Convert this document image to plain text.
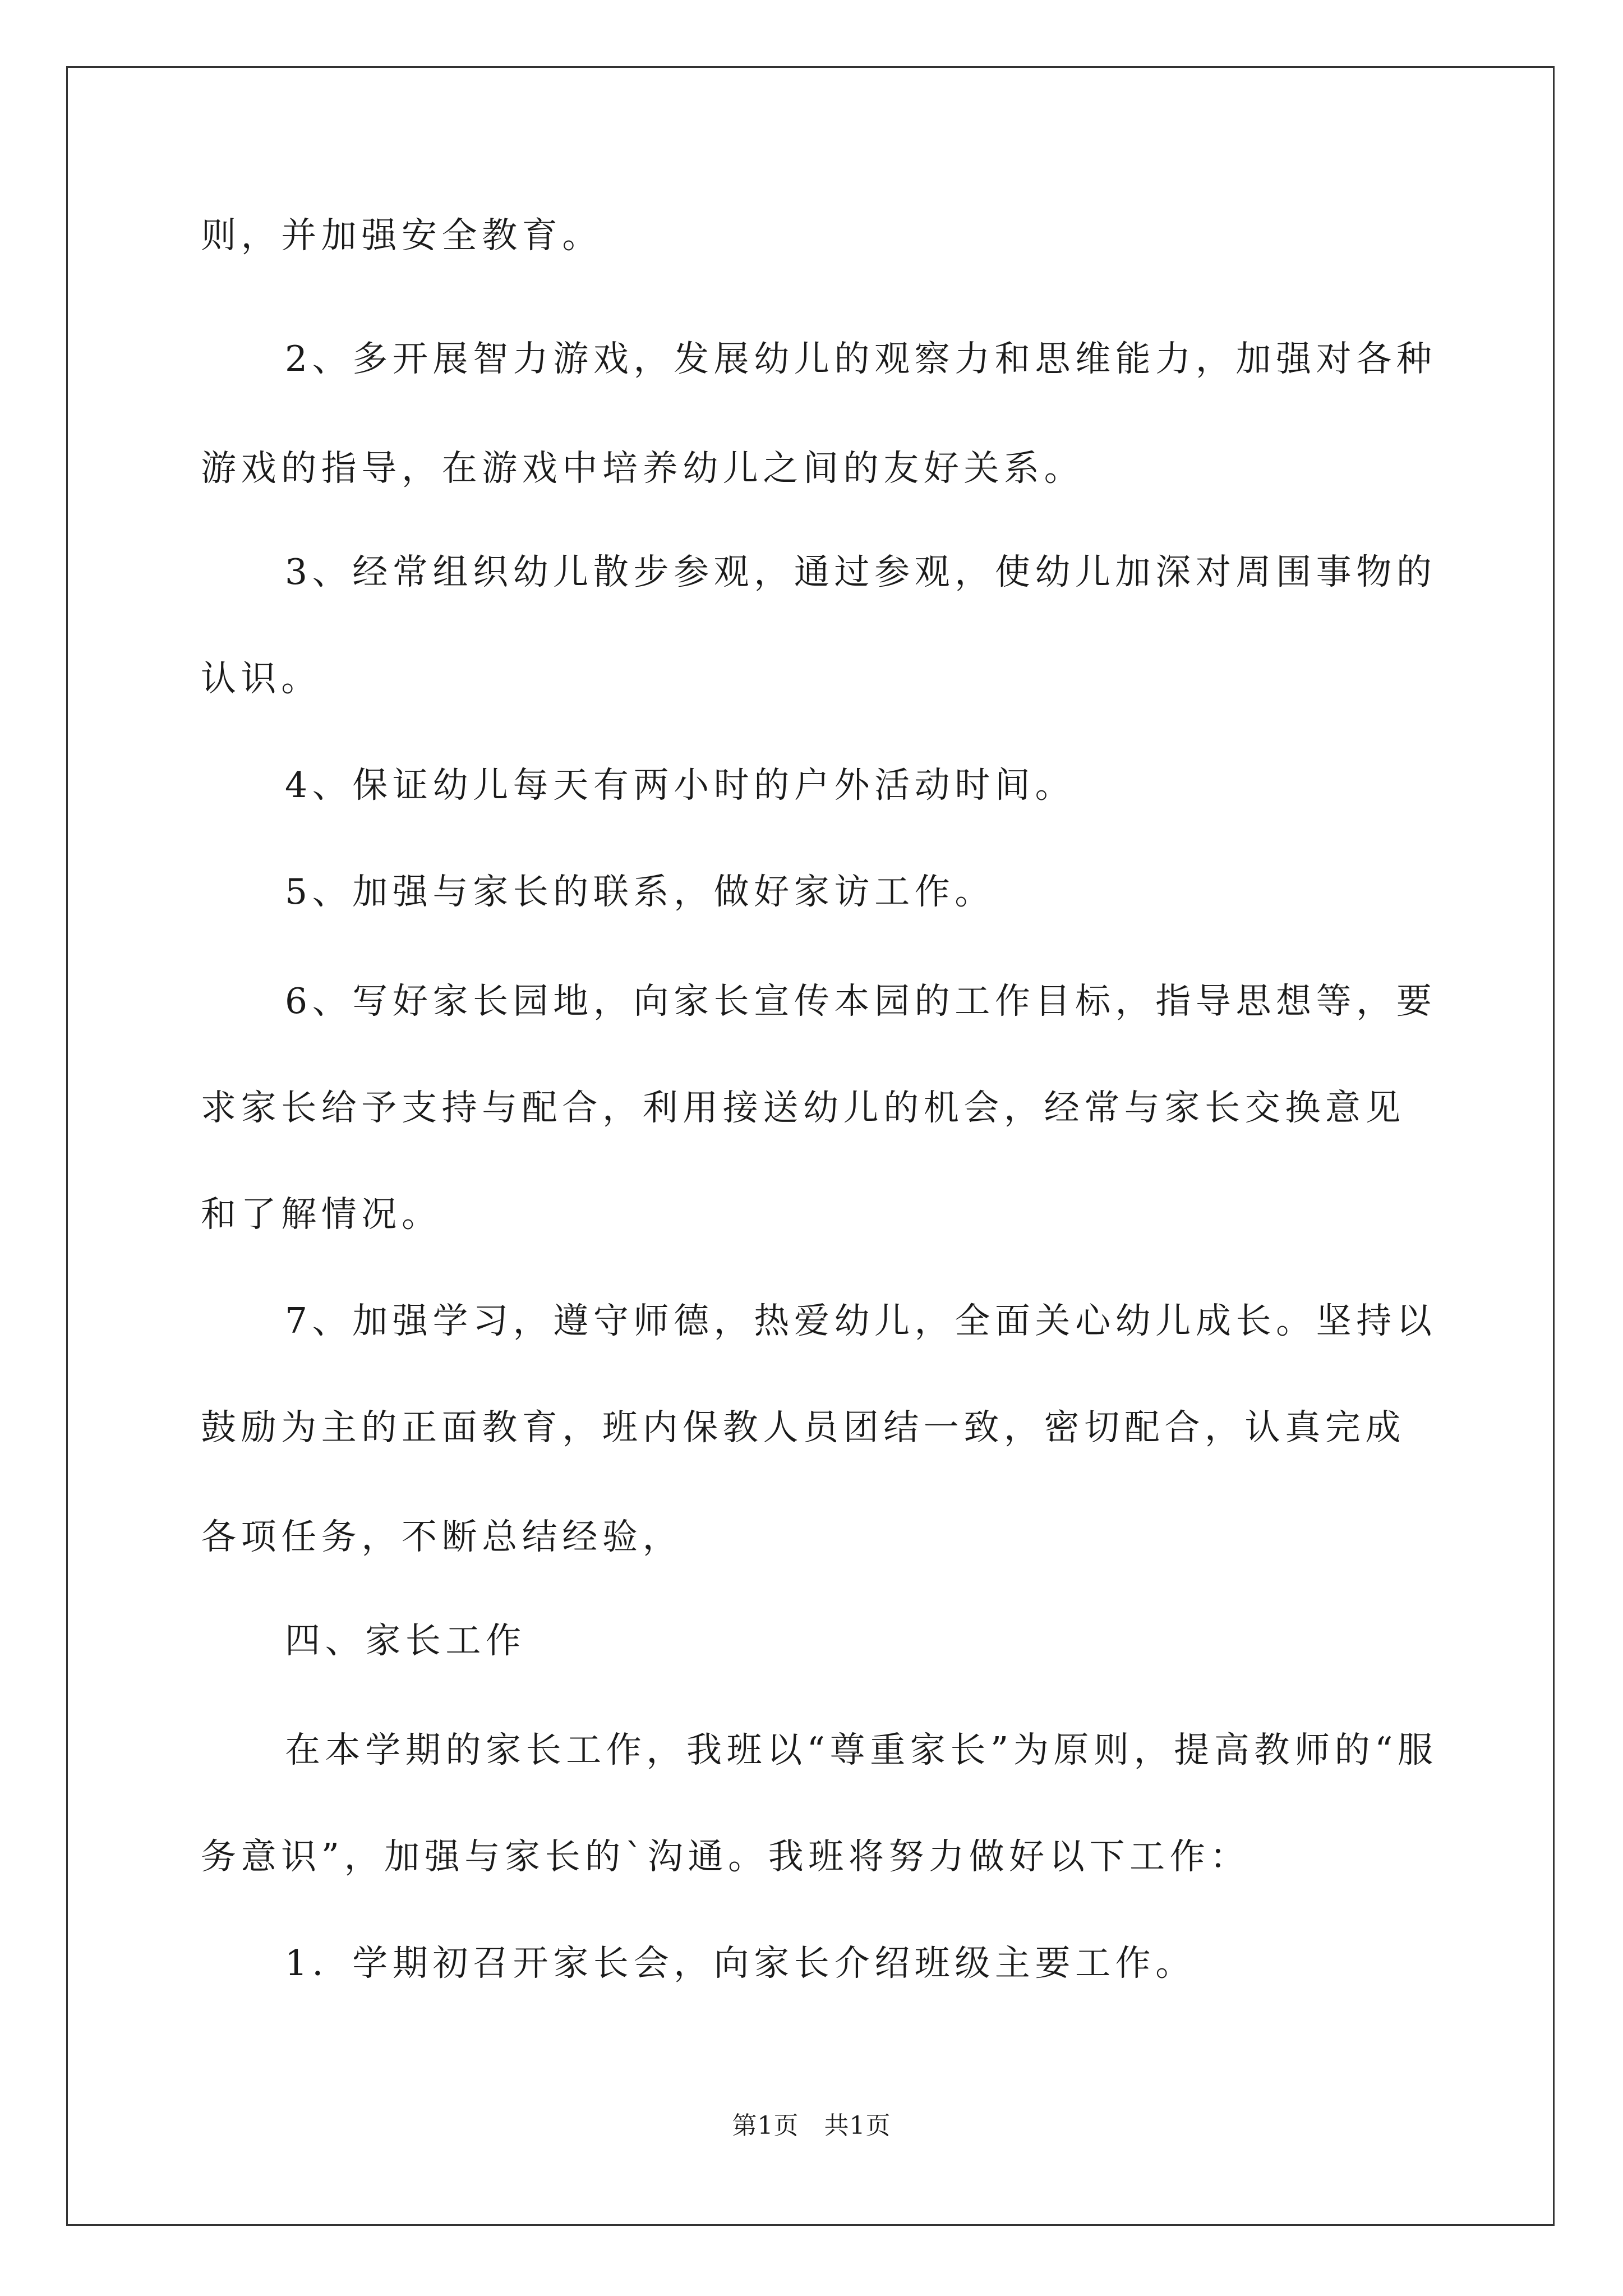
则，并加强安全教育。
2、多开展智力游戏，发展幼儿的观察力和思维能力，加强对各种
游戏的指导，在游戏中培养幼儿之间的友好关系。
3、经常组织幼儿散步参观，通过参观，使幼儿加深对周围事物的
认识。
4、保证幼儿每天有两小时的户外活动时间。
5、加强与家长的联系，做好家访工作。
6、写好家长园地，向家长宣传本园的工作目标，指导思想等，要
求家长给予支持与配合，利用接送幼儿的机会，经常与家长交换意见
和了解情况。
7、加强学习，遵守师德，热爱幼儿，全面关心幼儿成长。坚持以
鼓励为主的正面教育，班内保教人员团结一致，密切配合，认真完成
各项任务，不断总结经验，
四、家长工作
在本学期的家长工作，我班以“尊重家长”为原则，提高教师的“服
务意识”，加强与家长的`沟通。我班将努力做好以下工作：
1．学期初召开家长会，向家长介绍班级主要工作。
第1页　共1页
